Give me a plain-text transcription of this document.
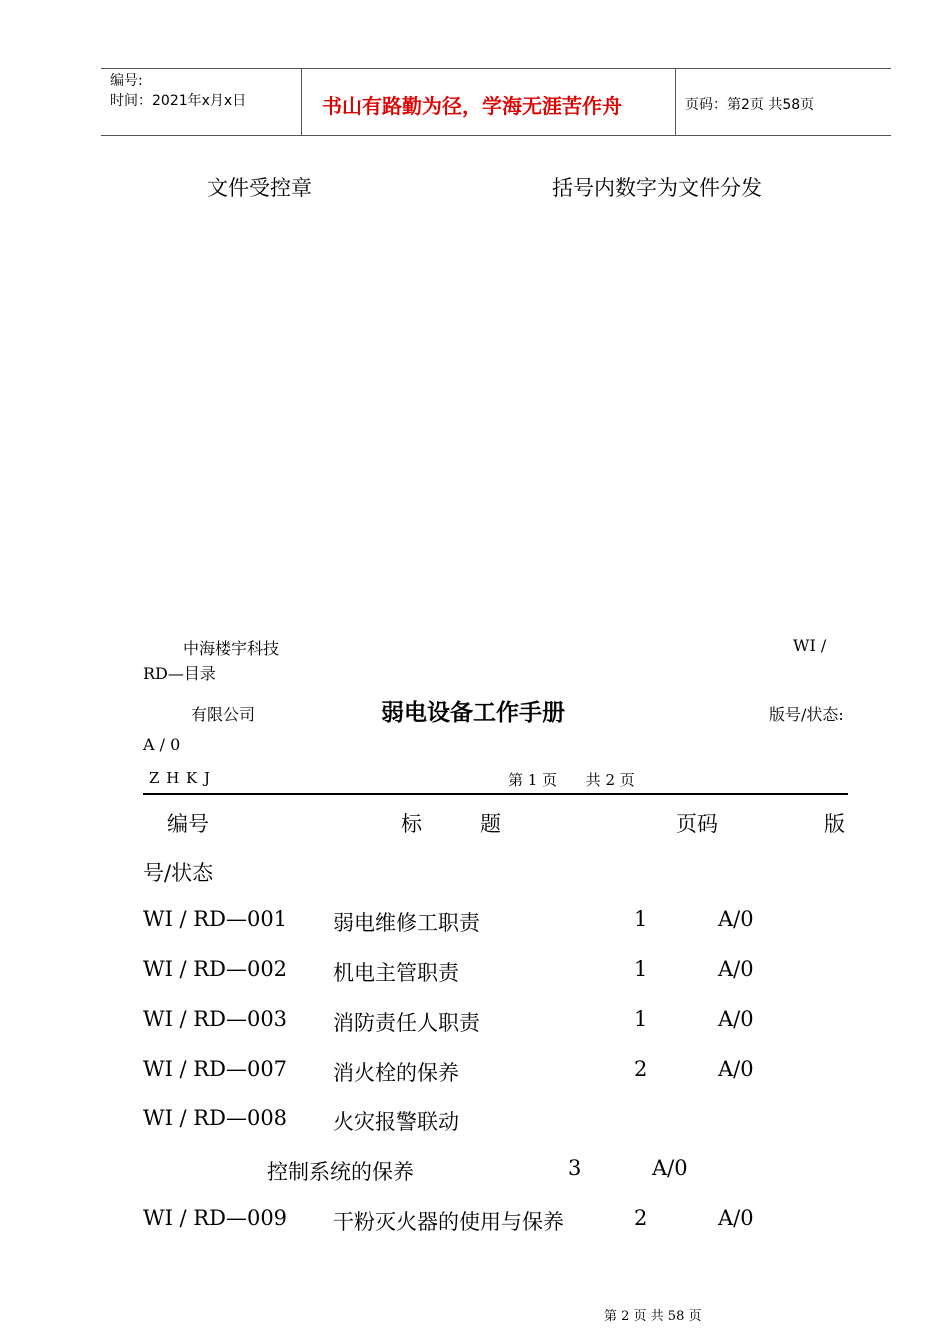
编号:
时间：2021年x月x日	书山有路勤为径，学海无涯苦作舟	页码：第2页 共58页
文件受控章	括号内数字为文件分发
中海楼宇科技	WI /
RD—目录
有限公司	弱电设备工作手册	版号/状态:
A / 0
Z H K J	第 1 页      共 2 页
编号	标	题	页码	版
号/状态
WI / RD—001 弱电维修工职责	1	A/0
WI / RD—002 机电主管职责	1	A/0
WI / RD—003 消防责任人职责	1	A/0
WI / RD—007 消火栓的保养	2	A/0
WI / RD—008 火灾报警联动
控制系统的保养	3	A/0
WI / RD—009 干粉灭火器的使用与保养	2	A/0
第 2 页 共 58 页
